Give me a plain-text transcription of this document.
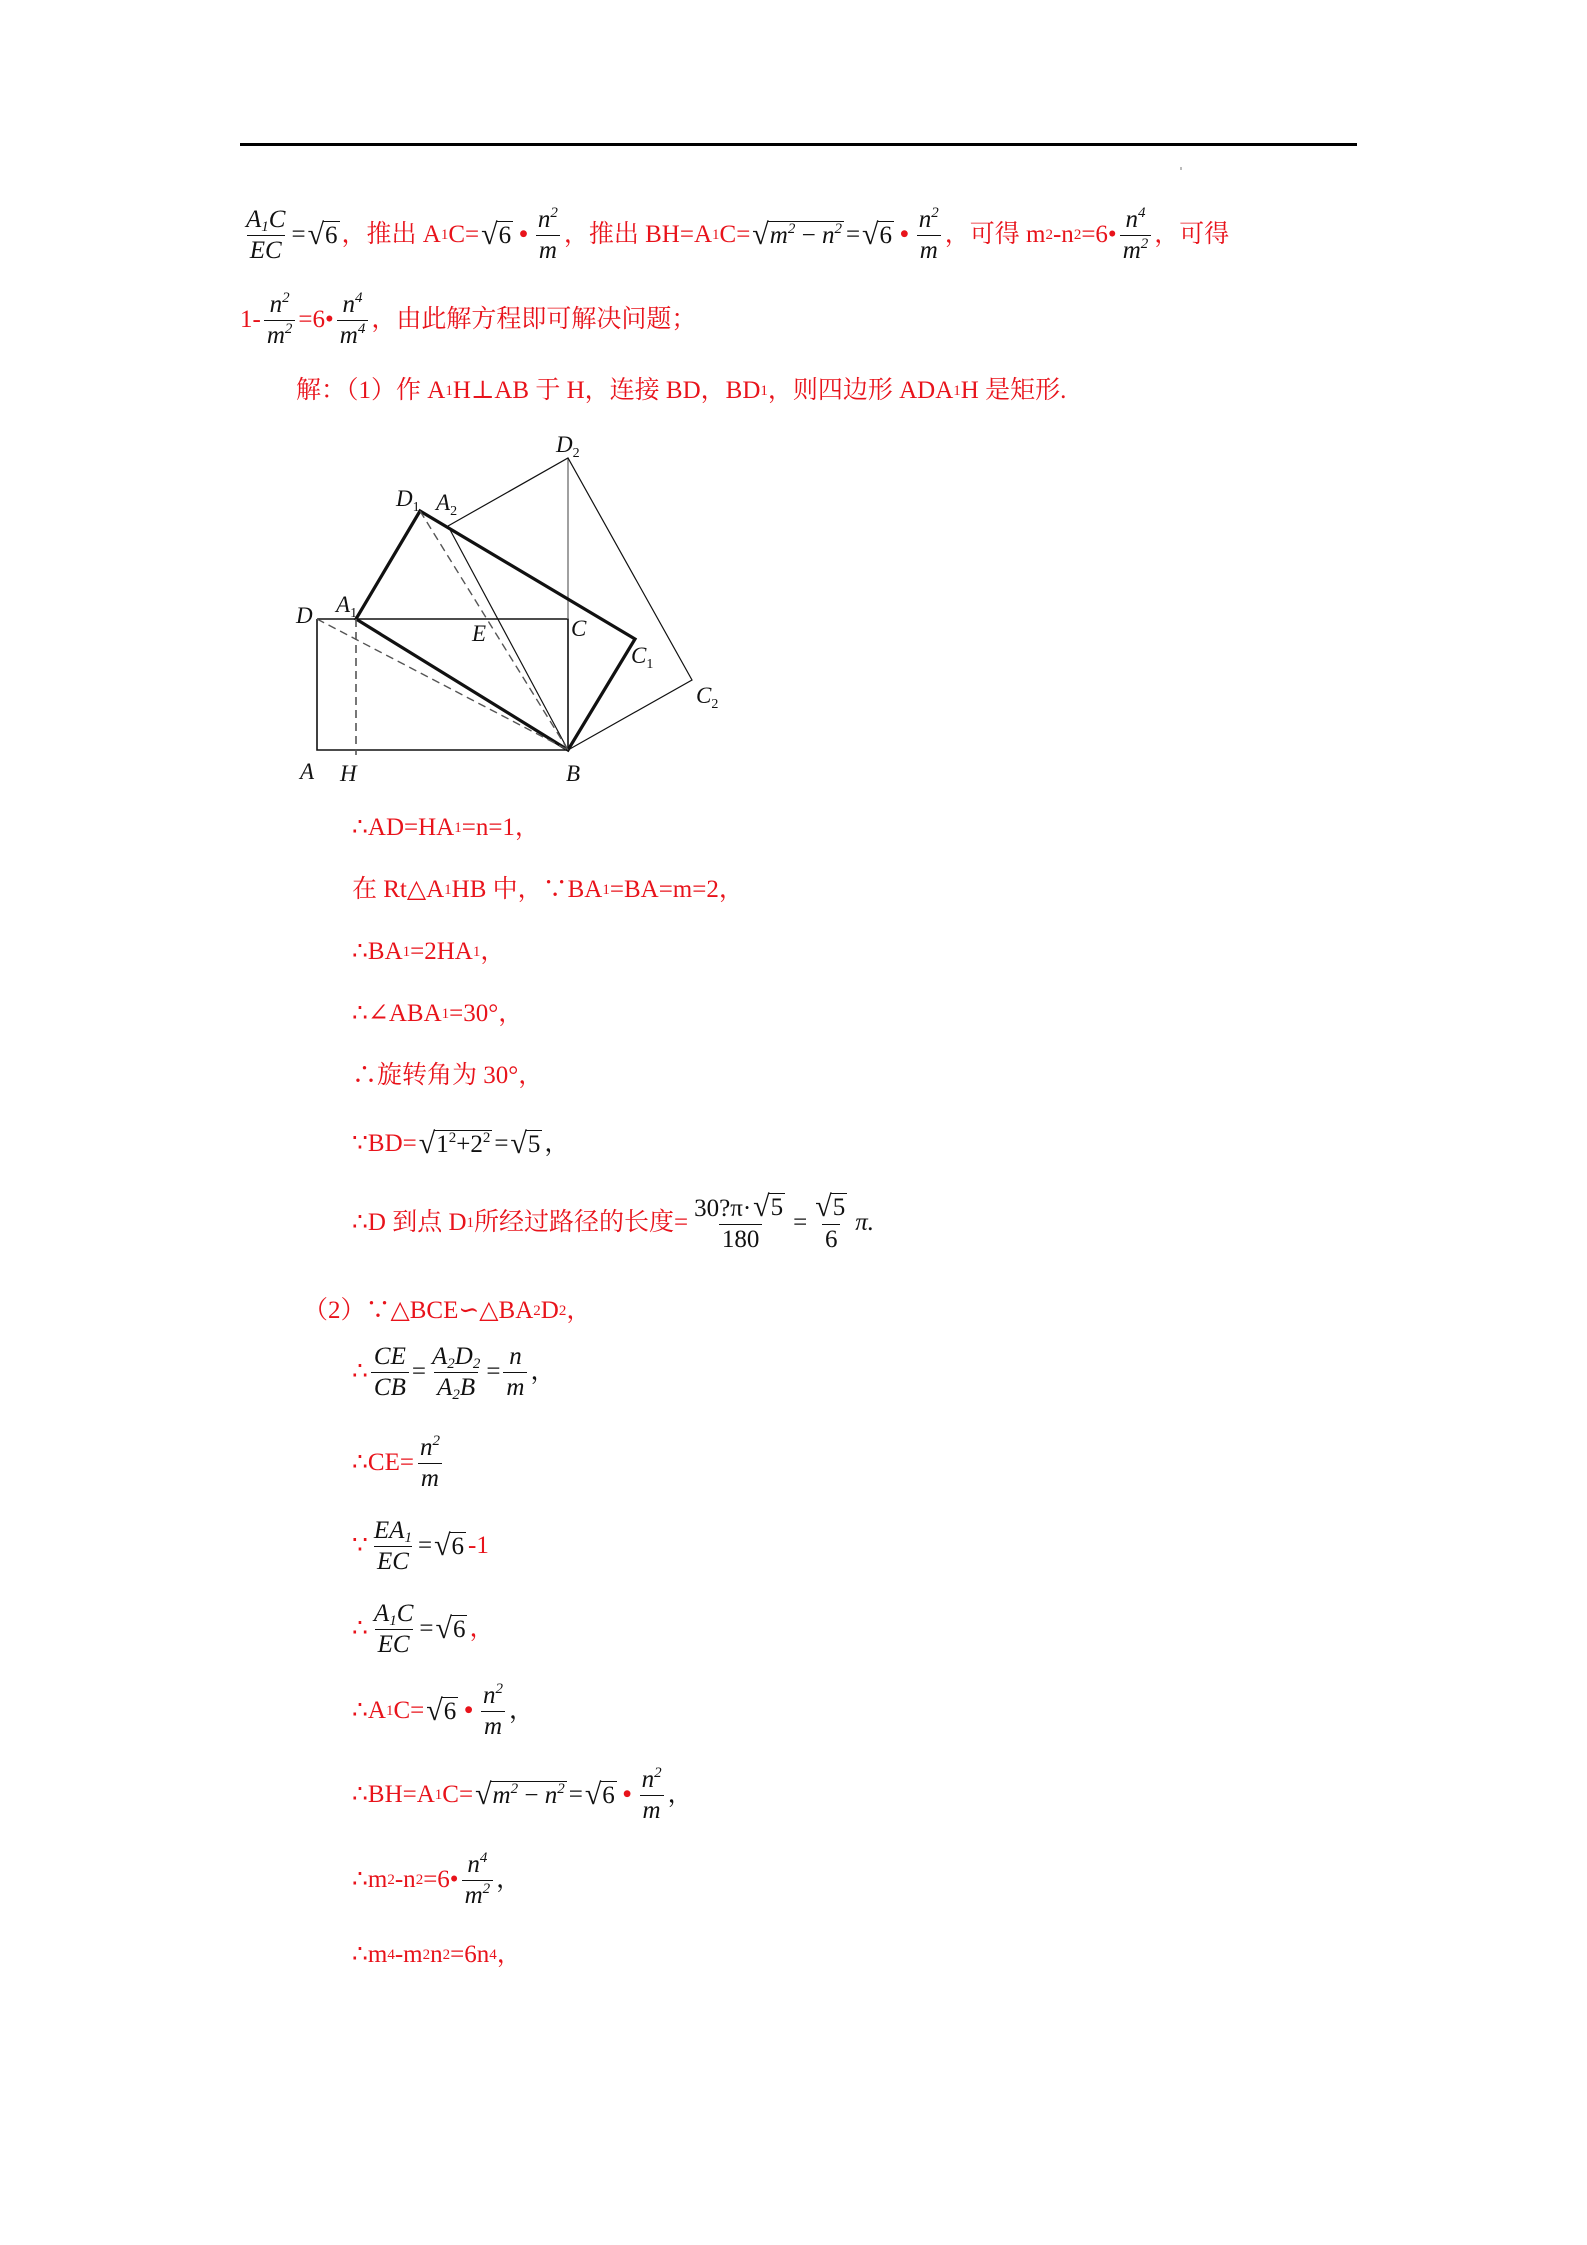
$\frac{A_1C}{EC}$ = √ 6 ，推出 A 1 C= √ 6 • $\frac{n^2}{m}$ ，推出 BH=A 1 C= √ $m^2 - n^2$ = √ 6 • $\frac{n^2}{m}$ ，可得 m 2 -n 2 =6 • $\frac{n^4}{m^2}$ ，可得
$1- \frac{n^2}{m^2} =6$ • $\frac{n^4}{m^4}$ ，由此解方程即可解决问题；
解：（1）作 A 1 H⊥AB 于 H，连接 BD，BD 1 ，则四边形 ADA 1 H 是矩形.
$D_2$
$D_1$ $A_2$
D $A_1$
E	C
$C_1$
$C_2$
A H	B
∴AD=HA 1 =n=1，
在 Rt△A 1 HB 中，∵BA 1 =BA=m=2，
∴BA 1 =2HA 1 ，
∴∠ABA 1 =30°，
∴旋转角为 30°，
∵BD= √ $1^2+2^2$ = √ 5 ，
∴D 到点 D 1 所经过路径的长度= $\frac{30?\pi\cdot √ 5}{180} = \frac{√ 5}{6} \pi$.
（2）∵△BCE∽△BA 2 D 2 ，
∴ $\frac{CE}{CB} = \frac{A_2D_2}{A_2B} = \frac{n}{m}$ ，
∴CE= $\frac{n^2}{m}$
∵ $\frac{EA_1}{EC}$ = √ 6 -1
∴ $\frac{A_1C}{EC}$ = √ 6 ，
∴A 1 C= √ 6 • $\frac{n^2}{m}$ ，
∴BH=A 1 C= √ $m^2 - n^2$ = √ 6 • $\frac{n^2}{m}$ ，
∴m 2 -n 2 =6 • $\frac{n^4}{m^2}$ ，
∴m 4 -m 2 n 2 =6n 4 ，
